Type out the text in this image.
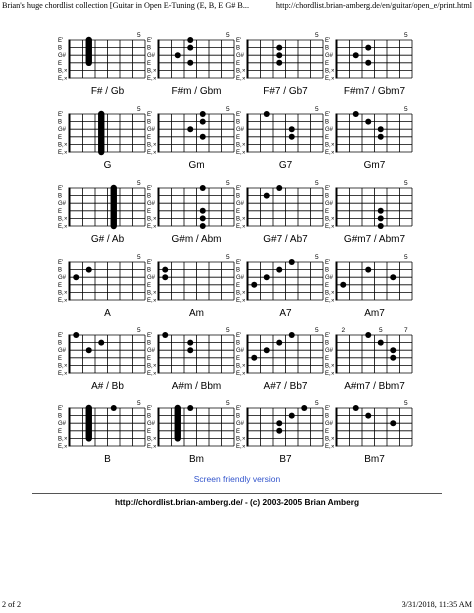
Brian's huge chordlist collection [Guitar in Open E-Tuning (E, B, E G# B...	http://chordlist.brian-amberg.de/en/guitar/open_e/print.html
5
E'
B
G#
E
B, ×
E, ×
F# / Gb
5
E'
B
G#
E
B, ×
E, ×
F#m / Gbm
5
E'
B
G#
E
B, ×
E, ×
F#7 / Gb7
5
E'
B
G#
E
B, ×
E, ×
F#m7 / Gbm7
5
E'
B
G#
E
B, ×
E, ×
G
5
E'
B
G#
E
B, ×
E, ×
Gm
5
E'
B
G#
E
B, ×
E, ×
G7
5
E'
B
G#
E
B, ×
E, ×
Gm7
5
E'
B
G#
E
B, ×
E, ×
G# / Ab
5
E'
B
G#
E
B, ×
E, ×
G#m / Abm
5
E'
B
G#
E
B, ×
E, ×
G#7 / Ab7
5
E'
B
G#
E
B, ×
E, ×
G#m7 / Abm7
5
E'
B
G#
E
B, ×
E, ×
A
5
E'
B
G#
E
B, ×
E, ×
Am
5
E'
B
G#
E
B, ×
E, ×
A7
5
E'
B
G#
E
B, ×
E, ×
Am7
5
E'
B
G#
E
B, ×
E, ×
A# / Bb
5
E'
B
G#
E
B, ×
E, ×
A#m / Bbm
5
E'
B
G#
E
B, ×
E, ×
A#7 / Bb7
2	5	7
E'
B
G#
E
B, ×
E, ×
A#m7 / Bbm7
5
E'
B
G#
E
B, ×
E, ×
B
5
E'
B
G#
E
B, ×
E, ×
Bm
5
E'
B
G#
E
B, ×
E, ×
B7
5
E'
B
G#
E
B, ×
E, ×
Bm7
Screen friendly version
http://chordlist.brian-amberg.de/ - (c) 2003-2005 Brian Amberg
2 of 2	3/31/2018, 11:35 AM
